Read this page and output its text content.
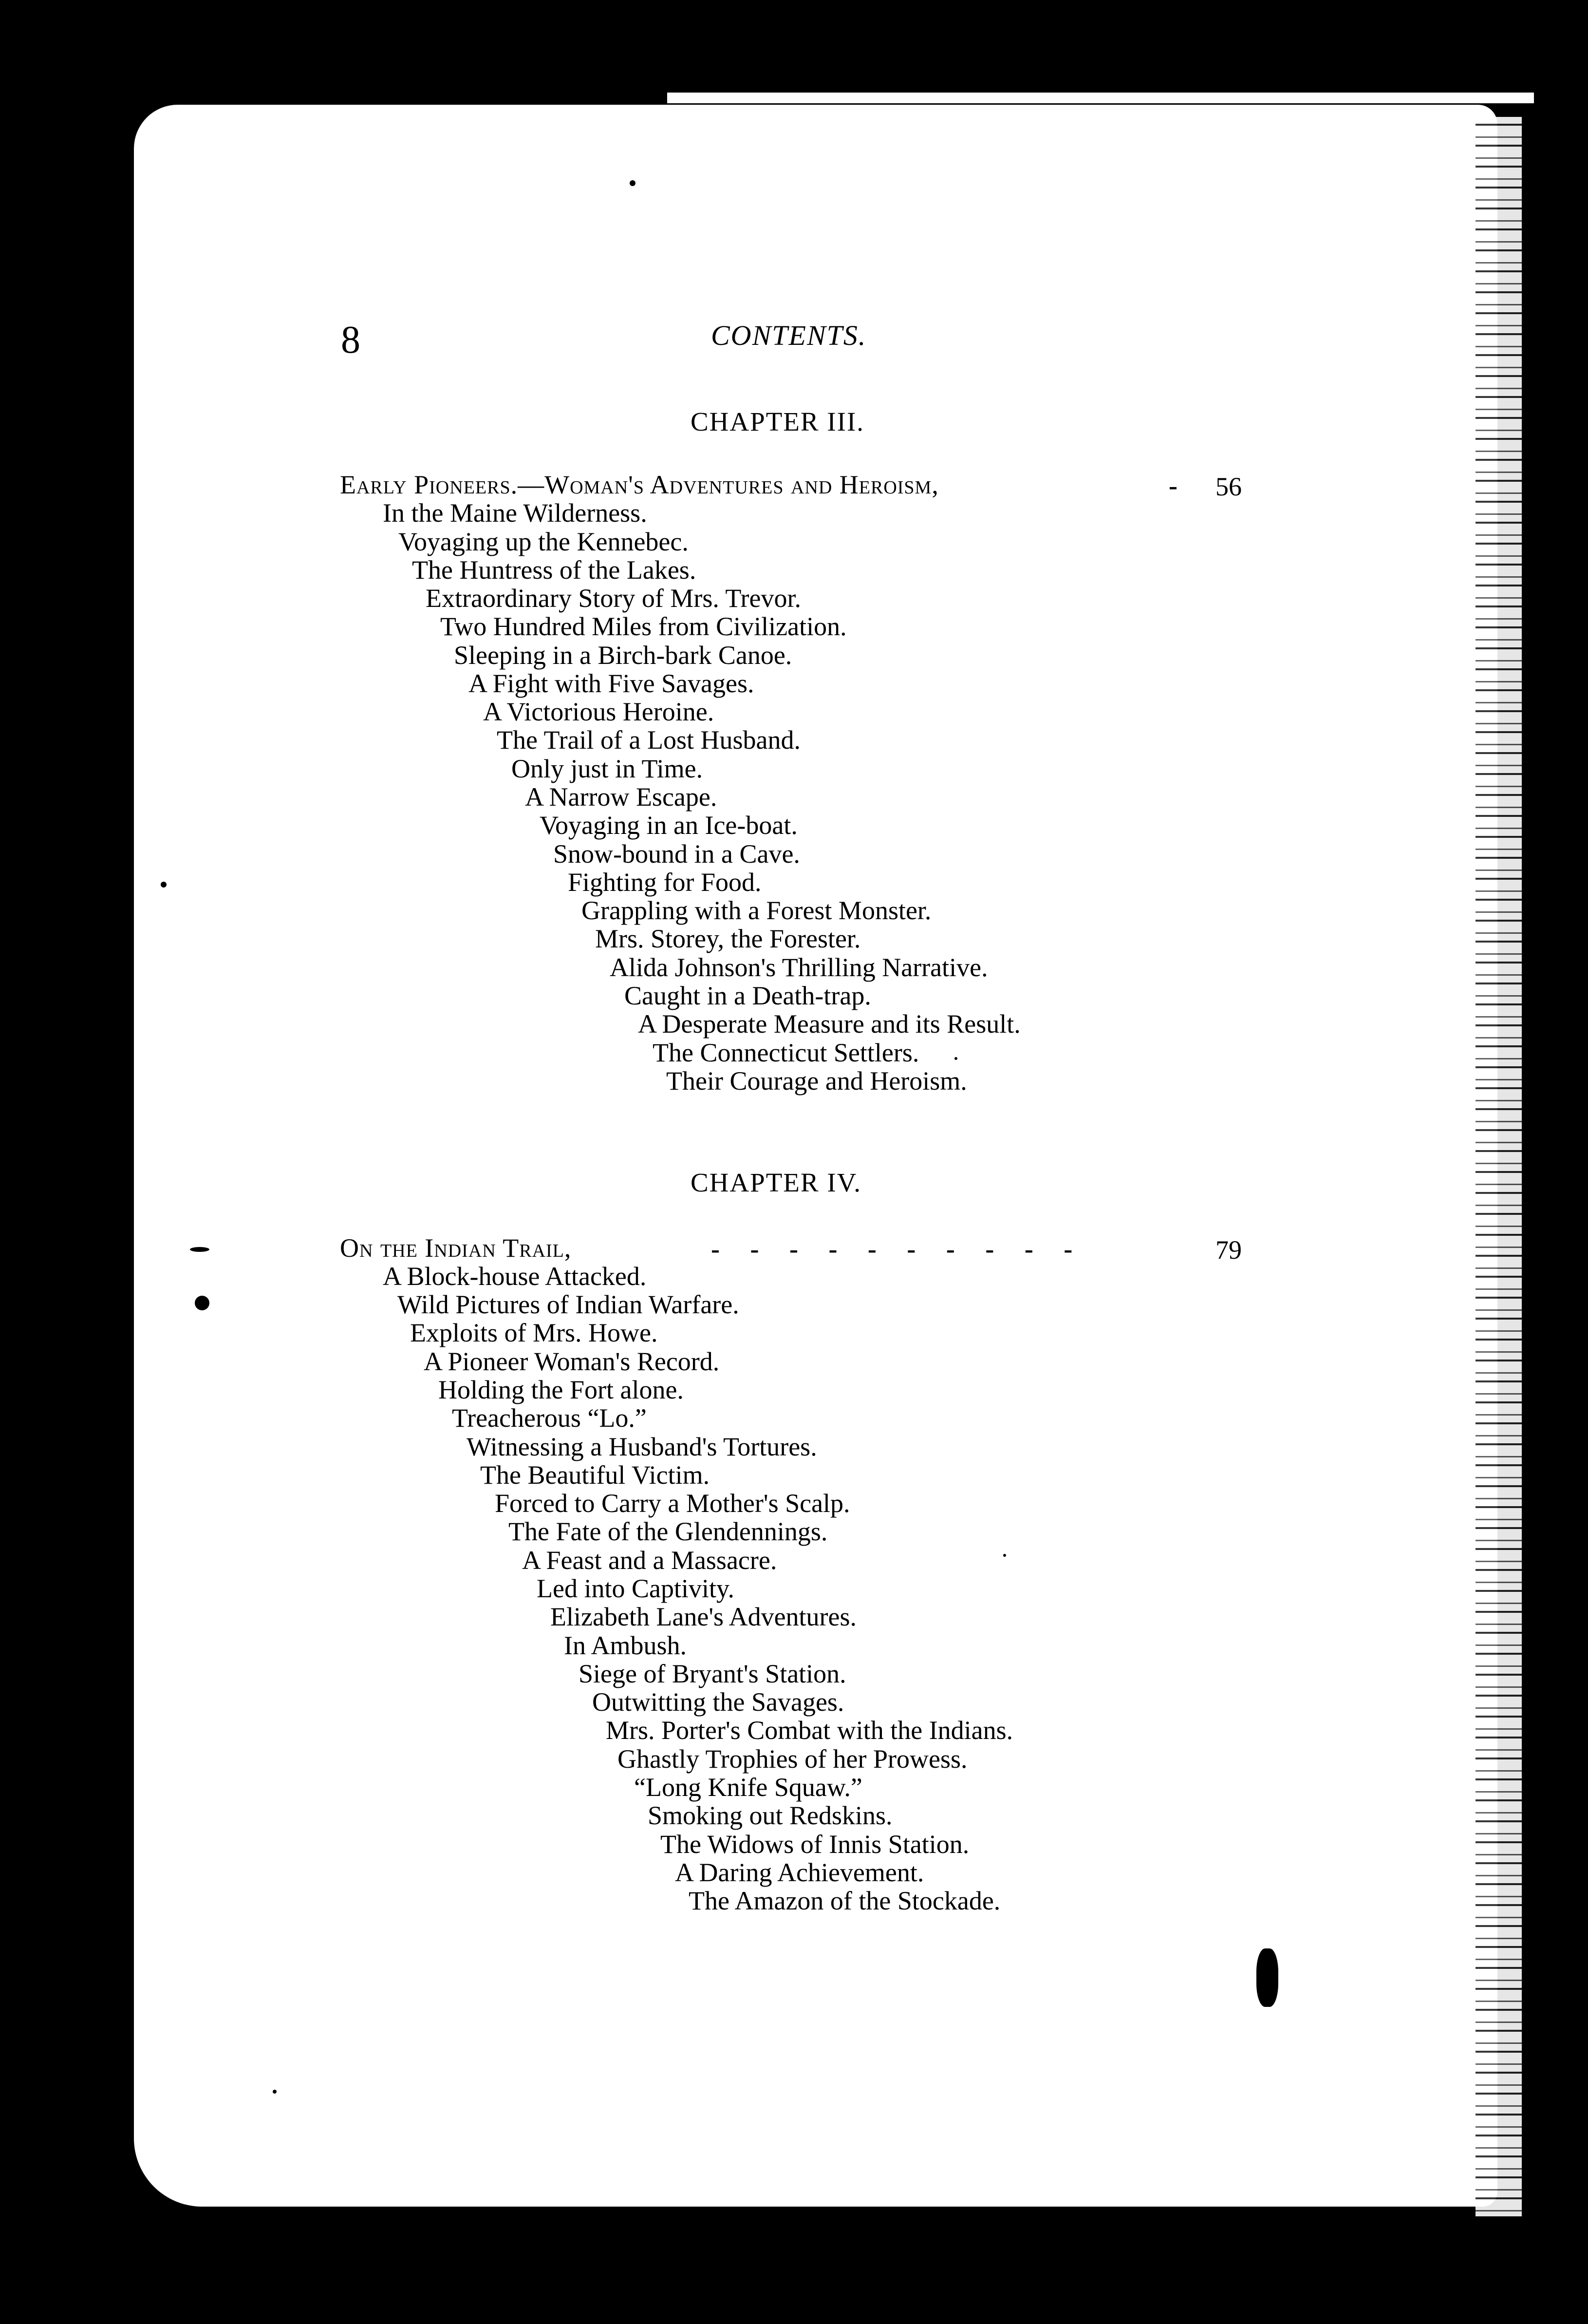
8	CONTENTS.
CHAPTER III.
Early Pioneers.—Woman's Adventures and Heroism,	- 56
In the Maine Wilderness.
Voyaging up the Kennebec.
The Huntress of the Lakes.
Extraordinary Story of Mrs. Trevor.
Two Hundred Miles from Civilization.
Sleeping in a Birch-bark Canoe.
A Fight with Five Savages.
A Victorious Heroine.
The Trail of a Lost Husband.
Only just in Time.
A Narrow Escape.
Voyaging in an Ice-boat.
Snow-bound in a Cave.
Fighting for Food.
Grappling with a Forest Monster.
Mrs. Storey, the Forester.
Alida Johnson's Thrilling Narrative.
Caught in a Death-trap.
A Desperate Measure and its Result.
The Connecticut Settlers.
Their Courage and Heroism.
CHAPTER IV.
On the Indian Trail,	- - - - - - - - - -	79
A Block-house Attacked.
Wild Pictures of Indian Warfare.
Exploits of Mrs. Howe.
A Pioneer Woman's Record.
Holding the Fort alone.
Treacherous “Lo.”
Witnessing a Husband's Tortures.
The Beautiful Victim.
Forced to Carry a Mother's Scalp.
The Fate of the Glendennings.
A Feast and a Massacre.
Led into Captivity.
Elizabeth Lane's Adventures.
In Ambush.
Siege of Bryant's Station.
Outwitting the Savages.
Mrs. Porter's Combat with the Indians.
Ghastly Trophies of her Prowess.
“Long Knife Squaw.”
Smoking out Redskins.
The Widows of Innis Station.
A Daring Achievement.
The Amazon of the Stockade.
